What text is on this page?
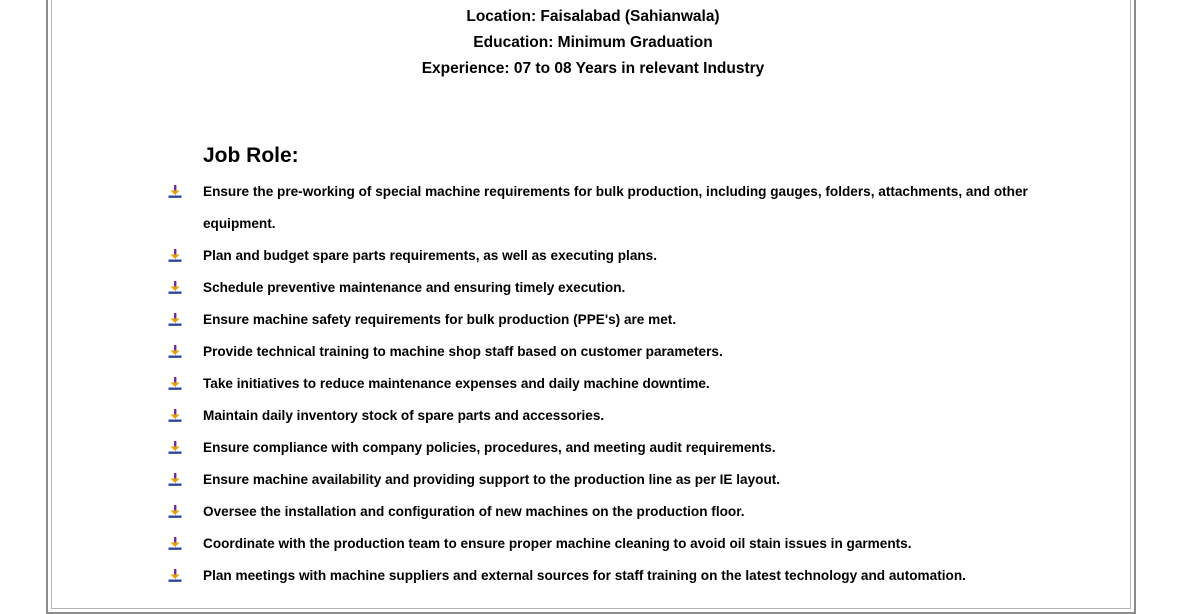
Location: Faisalabad (Sahianwala)
Education: Minimum Graduation
Experience: 07 to 08 Years in relevant Industry
Job Role:
Ensure the pre-working of special machine requirements for bulk production, including gauges, folders, attachments, and other equipment.
Plan and budget spare parts requirements, as well as executing plans.
Schedule preventive maintenance and ensuring timely execution.
Ensure machine safety requirements for bulk production (PPE's) are met.
Provide technical training to machine shop staff based on customer parameters.
Take initiatives to reduce maintenance expenses and daily machine downtime.
Maintain daily inventory stock of spare parts and accessories.
Ensure compliance with company policies, procedures, and meeting audit requirements.
Ensure machine availability and providing support to the production line as per IE layout.
Oversee the installation and configuration of new machines on the production floor.
Coordinate with the production team to ensure proper machine cleaning to avoid oil stain issues in garments.
Plan meetings with machine suppliers and external sources for staff training on the latest technology and automation.
